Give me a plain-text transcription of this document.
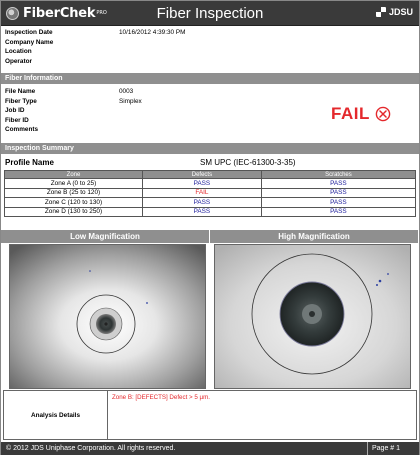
FiberChek PRO	Fiber Inspection	JDSU
Inspection Date	10/16/2012 4:39:30 PM
Company Name
Location
Operator
Fiber Information
File Name	0003
Fiber Type	Simplex
Job ID
Fiber ID
Comments
FAIL
Inspection Summary
Profile Name	SM UPC (IEC-61300-3-35)
Zone	Defects	Scratches
Zone A (0 to 25)	PASS	PASS
Zone B (25 to 120)	FAIL	PASS
Zone C (120 to 130)	PASS	PASS
Zone D (130 to 250)	PASS	PASS
Low Magnification	High Magnification
Analysis Details
Zone B: [DEFECTS] Defect > 5 µm.
© 2012 JDS Uniphase Corporation. All rights reserved.	Page # 1
